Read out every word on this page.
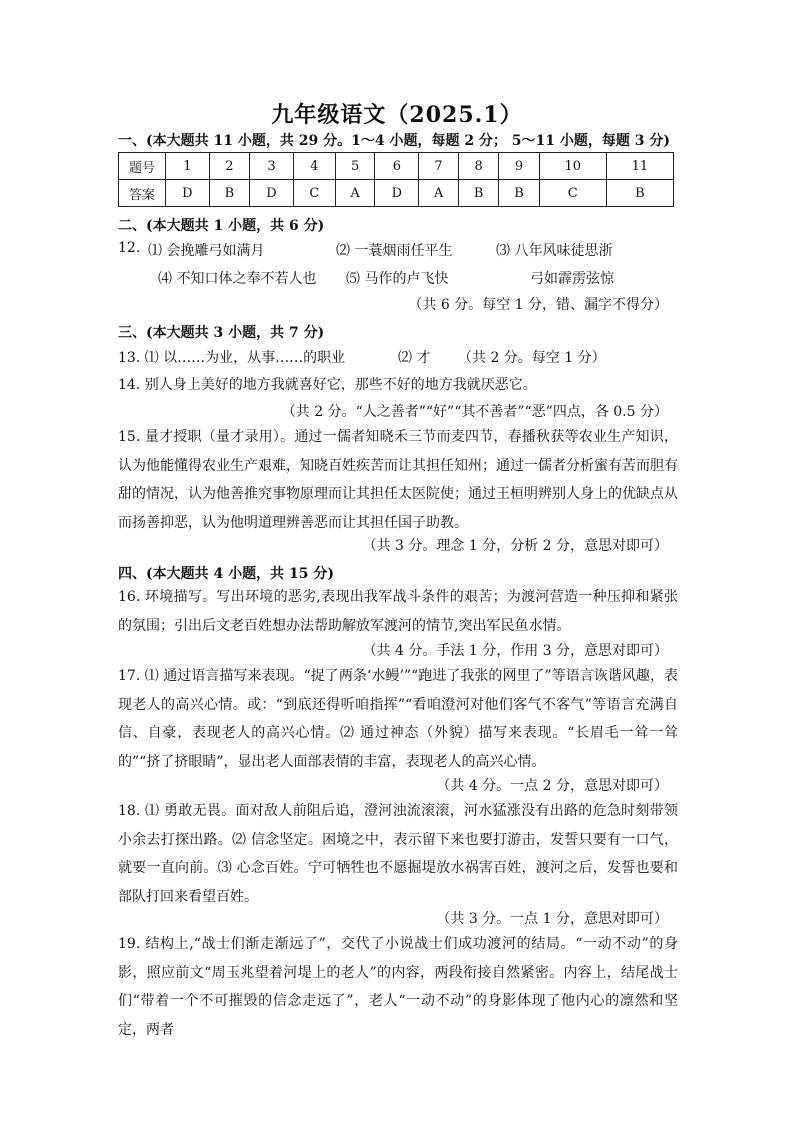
九年级语文（2025.1）
一、(本大题共 11 小题，共 29 分。1～4 小题，每题 2 分； 5～11 小题，每题 3 分)
题号	1	2	3	4	5	6	7	8	9	10	11
答案	D	B	D	C	A	D	A	B	B	C	B
二、(本大题共 1 小题，共 6 分)
12. ⑴ 会挽雕弓如满月	⑵ 一蓑烟雨任平生	⑶ 八年风味徒思浙
⑷ 不知口体之奉不若人也 ⑸ 马作的卢飞快	弓如霹雳弦惊
（共 6 分。每空 1 分，错、漏字不得分）
三、(本大题共 3 小题，共 7 分)
13. ⑴ 以……为业，从事……的职业	⑵ 才 （共 2 分。每空 1 分）
14. 别人身上美好的地方我就喜好它，那些不好的地方我就厌恶它。
（共 2 分。“人之善者”“好”“其不善者”“恶”四点，各 0.5 分）
15. 量才授职（量才录用）。通过一儒者知晓禾三节而麦四节，春播秋获等农业生产知识，认为他能懂得农业生产艰难，知晓百姓疾苦而让其担任知州；通过一儒者分析蜜有苦而胆有甜的情况，认为他善推究事物原理而让其担任太医院使；通过王桓明辨别人身上的优缺点从而扬善抑恶，认为他明道理辨善恶而让其担任国子助教。
（共 3 分。理念 1 分，分析 2 分，意思对即可）
四、(本大题共 4 小题，共 15 分)
16. 环境描写。写出环境的恶劣,表现出我军战斗条件的艰苦；为渡河营造一种压抑和紧张的氛围；引出后文老百姓想办法帮助解放军渡河的情节,突出军民鱼水情。
（共 4 分。手法 1 分，作用 3 分，意思对即可）
17. ⑴ 通过语言描写来表现。“捉了两条‘水鳗’”“跑进了我张的网里了”等语言诙谐风趣，表现老人的高兴心情。或：“到底还得听咱指挥”“看咱澄河对他们客气不客气”等语言充满自信、自豪，表现老人的高兴心情。⑵ 通过神态（外貌）描写来表现。“长眉毛一耸一耸的”“挤了挤眼睛”，显出老人面部表情的丰富，表现老人的高兴心情。
（共 4 分。一点 2 分，意思对即可）
18. ⑴ 勇敢无畏。面对敌人前阻后追，澄河浊流滚滚，河水猛涨没有出路的危急时刻带领小余去打探出路。⑵ 信念坚定。困境之中，表示留下来也要打游击，发誓只要有一口气，就要一直向前。⑶ 心念百姓。宁可牺牲也不愿掘堤放水祸害百姓，渡河之后，发誓也要和部队打回来看望百姓。
（共 3 分。一点 1 分，意思对即可）
19. 结构上,“战士们渐走渐远了”，交代了小说战士们成功渡河的结局。“一动不动”的身影，照应前文“周玉兆望着河堤上的老人”的内容，两段衔接自然紧密。内容上，结尾战士们“带着一个不可摧毁的信念走远了”，老人“一动不动”的身影体现了他内心的凛然和坚定，两者
